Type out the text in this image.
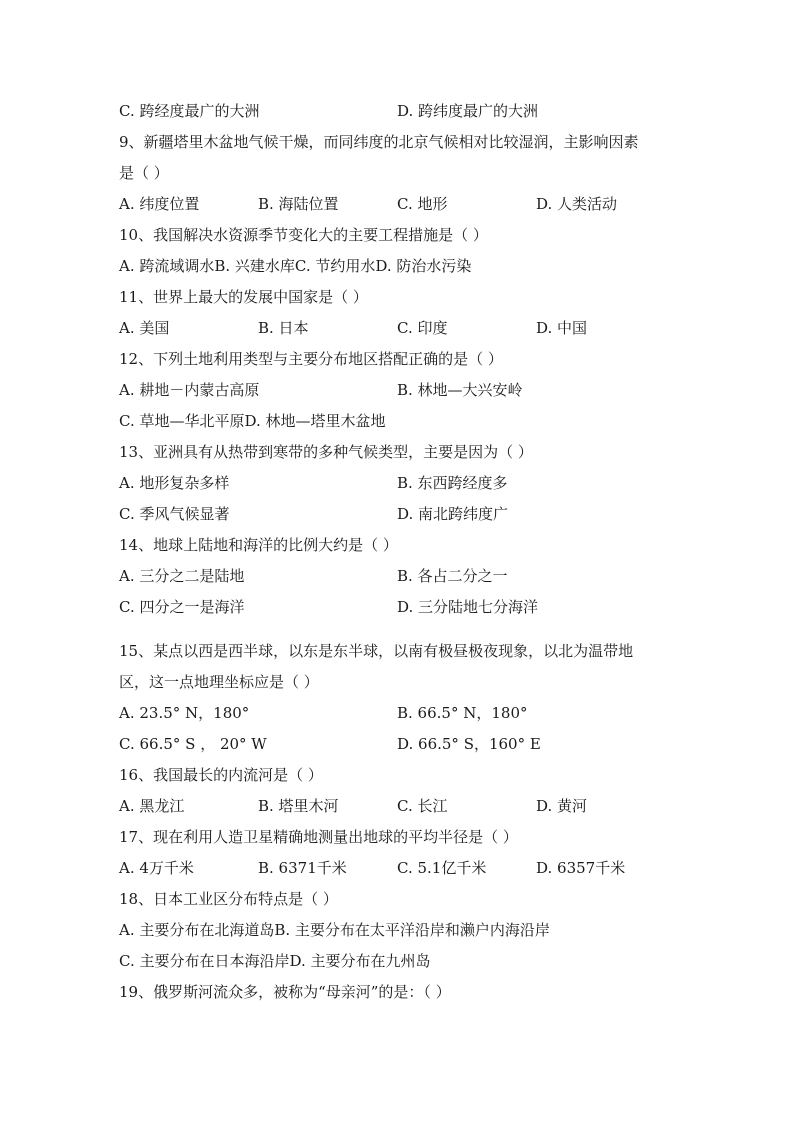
C. 跨经度最广的大洲	D. 跨纬度最广的大洲
9、新疆塔里木盆地气候干燥，而同纬度的北京气候相对比较湿润，主影响因素
是（ ）
A. 纬度位置	B. 海陆位置	C. 地形	D. 人类活动
10、我国解决水资源季节变化大的主要工程措施是（ ）
A. 跨流域调水B. 兴建水库C. 节约用水D. 防治水污染
11、世界上最大的发展中国家是（ ）
A. 美国	B. 日本	C. 印度	D. 中国
12、下列土地利用类型与主要分布地区搭配正确的是（ ）
A. 耕地－内蒙古高原	B. 林地—大兴安岭
C. 草地—华北平原D. 林地—塔里木盆地
13、亚洲具有从热带到寒带的多种气候类型，主要是因为（ ）
A. 地形复杂多样	B. 东西跨经度多
C. 季风气候显著	D. 南北跨纬度广
14、地球上陆地和海洋的比例大约是（ ）
A. 三分之二是陆地	B. 各占二分之一
C. 四分之一是海洋	D. 三分陆地七分海洋
15、某点以西是西半球，以东是东半球，以南有极昼极夜现象，以北为温带地
区，这一点地理坐标应是（ ）
A. 23.5° N，180°	B. 66.5° N，180°
C. 66.5° S ， 20° W	D. 66.5° S，160° E
16、我国最长的内流河是（ ）
A. 黑龙江	B. 塔里木河	C. 长江	D. 黄河
17、现在利用人造卫星精确地测量出地球的平均半径是（ ）
A. 4万千米	B. 6371千米	C. 5.1亿千米	D. 6357千米
18、日本工业区分布特点是（ ）
A. 主要分布在北海道岛B. 主要分布在太平洋沿岸和濑户内海沿岸
C. 主要分布在日本海沿岸D. 主要分布在九州岛
19、俄罗斯河流众多，被称为“母亲河”的是：（ ）
